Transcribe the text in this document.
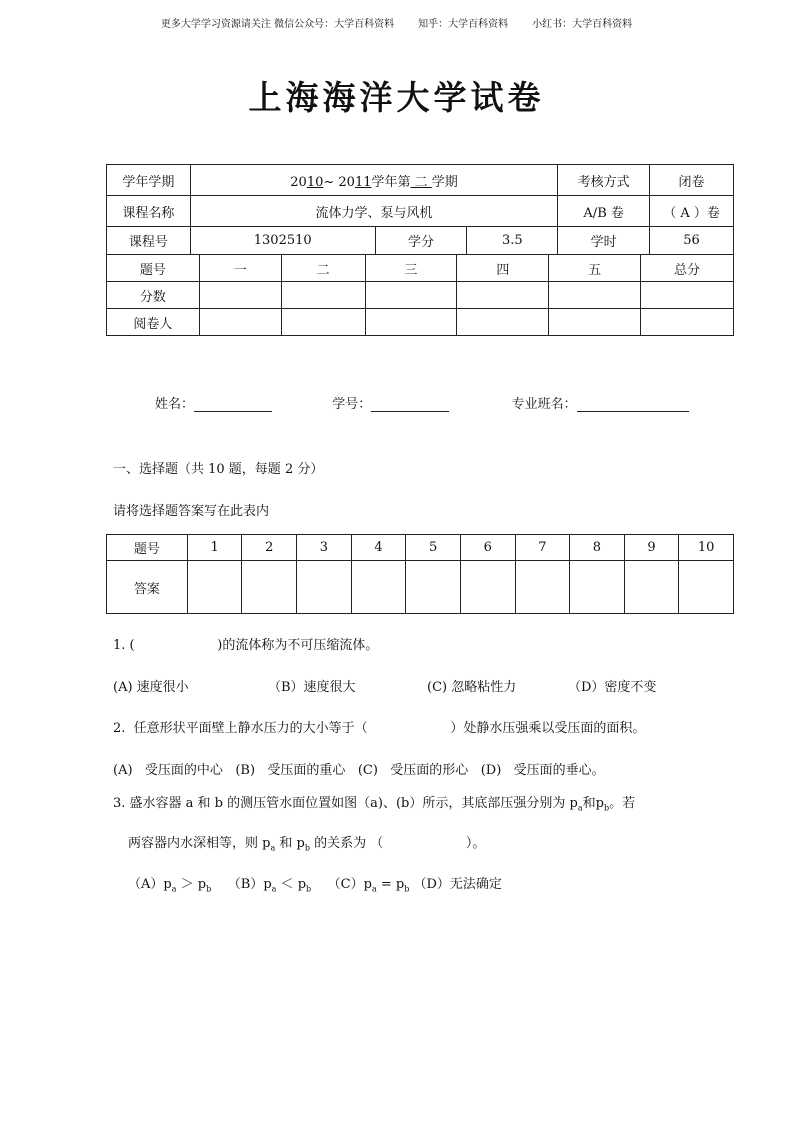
更多大学学习资源请关注 微信公众号：大学百科资料 知乎：大学百科资料 小红书：大学百科资料
上海海洋大学试卷
学年学期	2010~ 2011学年第 二 学期			考核方式	闭卷
课程名称	流体力学、泵与风机			A/B 卷	（ A ）卷
课程号	1302510	学分	3.5	学时	56
题号	一	二	三	四	五	总分
分数						
阅卷人						
姓名：	学号：	专业班名：
一、选择题（共 10 题，每题 2 分）
请将选择题答案写在此表内
题号	1	2	3	4	5	6	7	8	9	10
答案										
1. (                    )的流体称为不可压缩流体。
(A) 速度很小	（B）速度很大	(C) 忽略粘性力	（D）密度不变
2.  任意形状平面壁上静水压力的大小等于（                    ）处静水压强乘以受压面的面积。
(A)   受压面的中心   (B)   受压面的重心   (C)   受压面的形心   (D)   受压面的垂心。
3. 盛水容器 a 和 b 的测压管水面位置如图（a)、(b）所示，其底部压强分别为 $p_a$和$p_b$。若
两容器内水深相等，则 $p_a$ 和 $p_b$ 的关系为 （                    ）。
$(A)p_a > p_b$ $(B)p_a < p_b$ $(C)p_a = p_b$ （D）无法确定
